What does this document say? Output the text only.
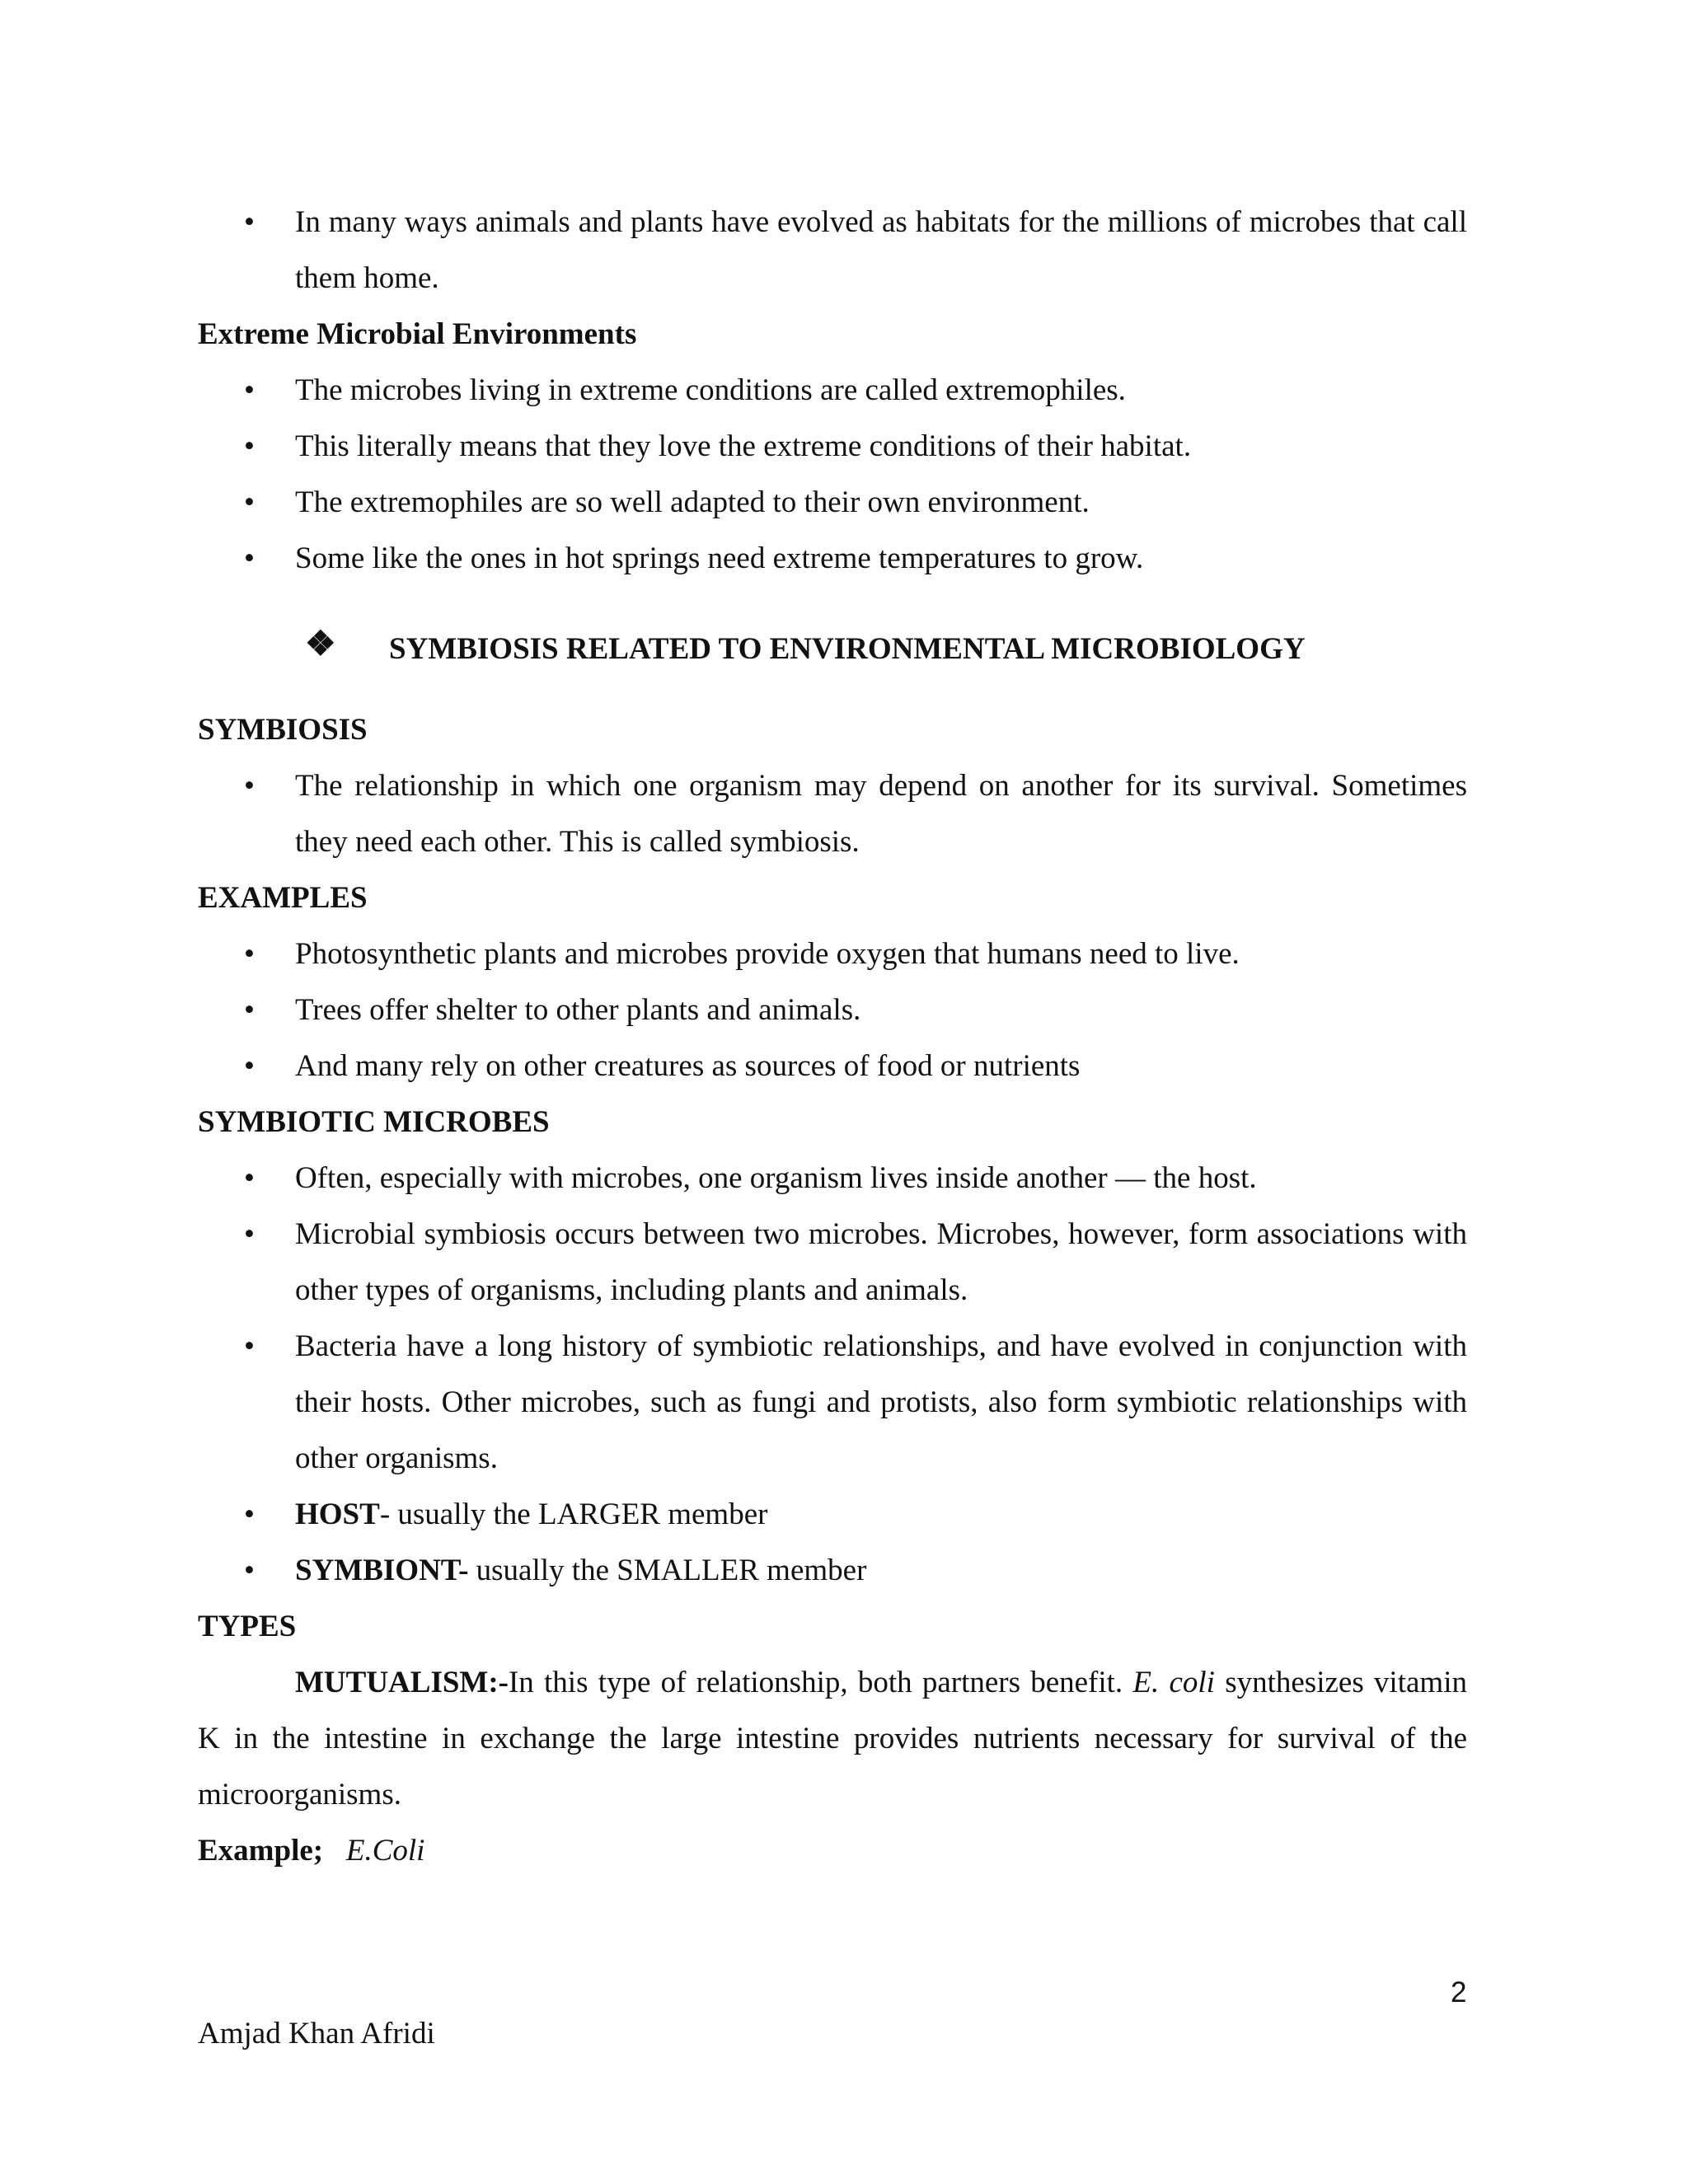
• In many ways animals and plants have evolved as habitats for the millions of microbes that call them home.
Extreme Microbial Environments
• The microbes living in extreme conditions are called extremophiles.
• This literally means that they love the extreme conditions of their habitat.
• The extremophiles are so well adapted to their own environment.
• Some like the ones in hot springs need extreme temperatures to grow.
❖ SYMBIOSIS RELATED TO ENVIRONMENTAL MICROBIOLOGY
SYMBIOSIS
• The relationship in which one organism may depend on another for its survival. Sometimes they need each other. This is called symbiosis.
EXAMPLES
• Photosynthetic plants and microbes provide oxygen that humans need to live.
• Trees offer shelter to other plants and animals.
• And many rely on other creatures as sources of food or nutrients
SYMBIOTIC MICROBES
• Often, especially with microbes, one organism lives inside another — the host.
• Microbial symbiosis occurs between two microbes. Microbes, however, form associations with other types of organisms, including plants and animals.
• Bacteria have a long history of symbiotic relationships, and have evolved in conjunction with their hosts. Other microbes, such as fungi and protists, also form symbiotic relationships with other organisms.
• HOST- usually the LARGER member
• SYMBIONT- usually the SMALLER member
TYPES
MUTUALISM:-In this type of relationship, both partners benefit. E. coli synthesizes vitamin K in the intestine in exchange the large intestine provides nutrients necessary for survival of the microorganisms.
Example; E.Coli
2
Amjad Khan Afridi
